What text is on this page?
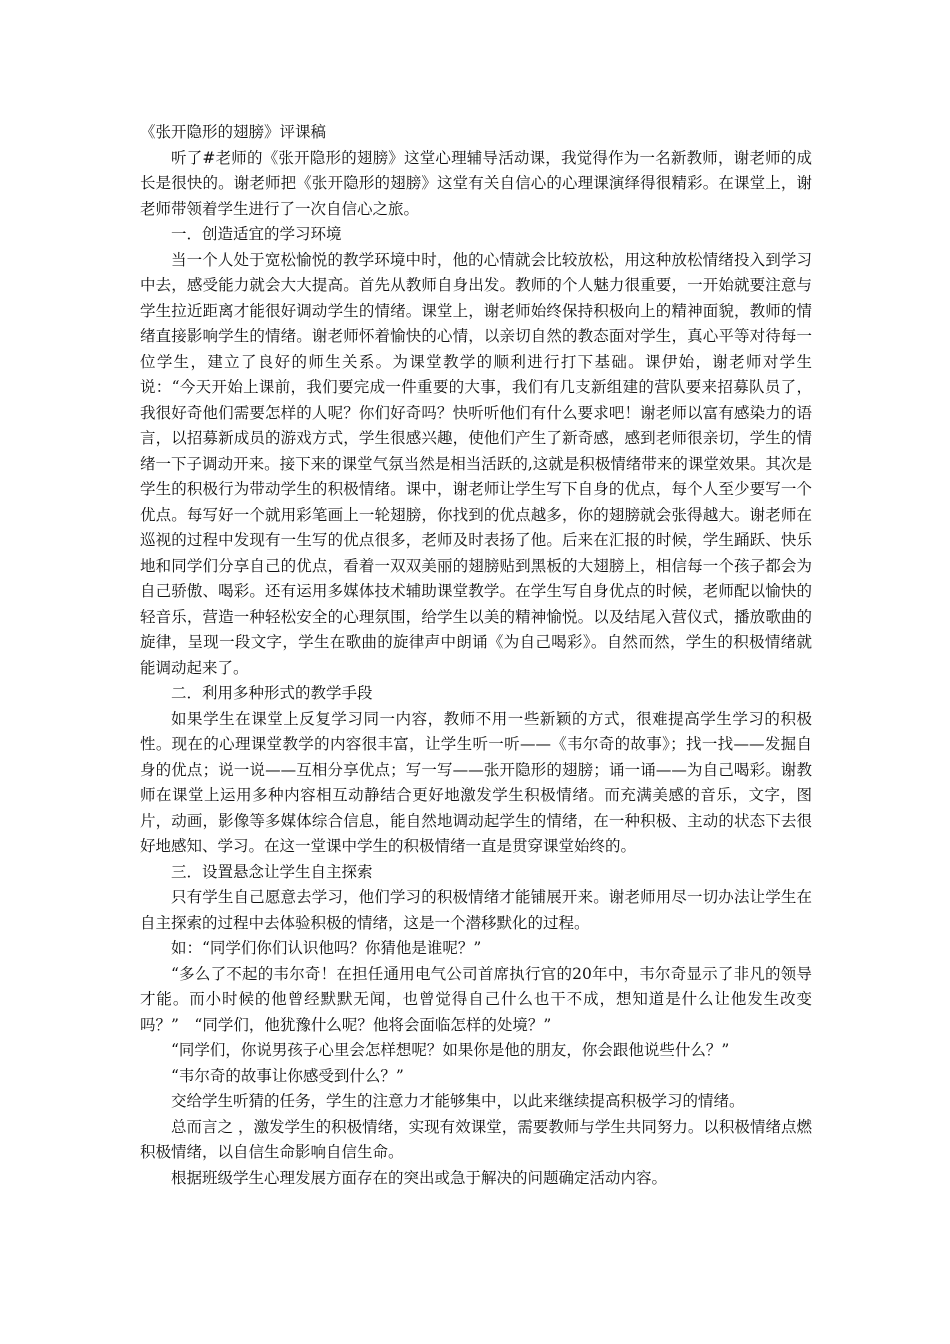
《张开隐形的翅膀》评课稿

听了#老师的《张开隐形的翅膀》这堂心理辅导活动课，我觉得作为一名新教师，谢老师的成长是很快的。谢老师把《张开隐形的翅膀》这堂有关自信心的心理课演绎得很精彩。在课堂上，谢老师带领着学生进行了一次自信心之旅。

一．创造适宜的学习环境

当一个人处于宽松愉悦的教学环境中时，他的心情就会比较放松，用这种放松情绪投入到学习中去，感受能力就会大大提高。首先从教师自身出发。教师的个人魅力很重要，一开始就要注意与学生拉近距离才能很好调动学生的情绪。课堂上，谢老师始终保持积极向上的精神面貌，教师的情绪直接影响学生的情绪。谢老师怀着愉快的心情，以亲切自然的教态面对学生，真心平等对待每一位学生，建立了良好的师生关系。为课堂教学的顺利进行打下基础。课伊始，谢老师对学生说：“今天开始上课前，我们要完成一件重要的大事，我们有几支新组建的营队要来招募队员了，我很好奇他们需要怎样的人呢？你们好奇吗？快听听他们有什么要求吧！谢老师以富有感染力的语言，以招募新成员的游戏方式，学生很感兴趣，使他们产生了新奇感，感到老师很亲切，学生的情绪一下子调动开来。接下来的课堂气氛当然是相当活跃的,这就是积极情绪带来的课堂效果。其次是学生的积极行为带动学生的积极情绪。课中，谢老师让学生写下自身的优点，每个人至少要写一个优点。每写好一个就用彩笔画上一轮翅膀，你找到的优点越多，你的翅膀就会张得越大。谢老师在巡视的过程中发现有一生写的优点很多，老师及时表扬了他。后来在汇报的时候，学生踊跃、快乐地和同学们分享自己的优点，看着一双双美丽的翅膀贴到黑板的大翅膀上，相信每一个孩子都会为自己骄傲、喝彩。还有运用多媒体技术辅助课堂教学。在学生写自身优点的时候，老师配以愉快的轻音乐，营造一种轻松安全的心理氛围，给学生以美的精神愉悦。以及结尾入营仪式，播放歌曲的旋律，呈现一段文字，学生在歌曲的旋律声中朗诵《为自己喝彩》。自然而然，学生的积极情绪就能调动起来了。

二．利用多种形式的教学手段

如果学生在课堂上反复学习同一内容，教师不用一些新颖的方式，很难提高学生学习的积极性。现在的心理课堂教学的内容很丰富，让学生听一听——《韦尔奇的故事》；找一找——发掘自身的优点；说一说——互相分享优点；写一写——张开隐形的翅膀；诵一诵——为自己喝彩。谢教师在课堂上运用多种内容相互动静结合更好地激发学生积极情绪。而充满美感的音乐，文字，图片，动画，影像等多媒体综合信息，能自然地调动起学生的情绪，在一种积极、主动的状态下去很好地感知、学习。在这一堂课中学生的积极情绪一直是贯穿课堂始终的。

三．设置悬念让学生自主探索

只有学生自己愿意去学习，他们学习的积极情绪才能铺展开来。谢老师用尽一切办法让学生在自主探索的过程中去体验积极的情绪，这是一个潜移默化的过程。

如：“同学们你们认识他吗？你猜他是谁呢？”

“多么了不起的韦尔奇！在担任通用电气公司首席执行官的20年中，韦尔奇显示了非凡的领导才能。而小时候的他曾经默默无闻，也曾觉得自己什么也干不成，想知道是什么让他发生改变吗？”　“同学们，他犹豫什么呢？他将会面临怎样的处境？”

“同学们，你说男孩子心里会怎样想呢？如果你是他的朋友，你会跟他说些什么？”

“韦尔奇的故事让你感受到什么？”

交给学生听猜的任务，学生的注意力才能够集中，以此来继续提高积极学习的情绪。

总而言之 ，激发学生的积极情绪，实现有效课堂，需要教师与学生共同努力。以积极情绪点燃积极情绪，以自信生命影响自信生命。

根据班级学生心理发展方面存在的突出或急于解决的问题确定活动内容。
